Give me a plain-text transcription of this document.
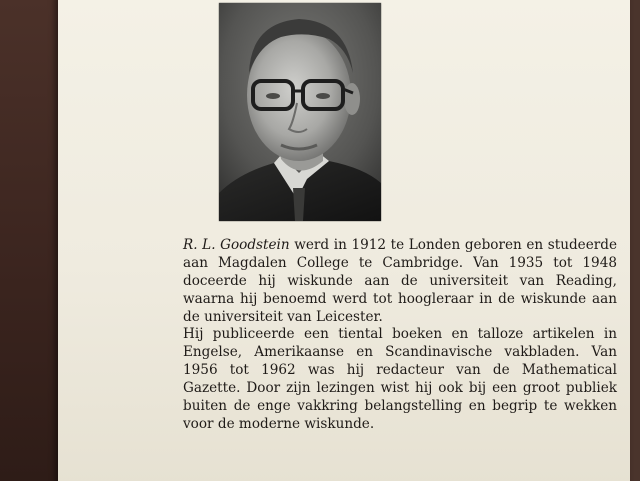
R. L. Goodstein werd in 1912 te Londen geboren en studeerde
aan Magdalen College te Cambridge. Van 1935 tot 1948
doceerde hij wiskunde aan de universiteit van Reading,
waarna hij benoemd werd tot hoogleraar in de wiskunde aan
de universiteit van Leicester.
Hij publiceerde een tiental boeken en talloze artikelen in
Engelse, Amerikaanse en Scandinavische vakbladen. Van
1956 tot 1962 was hij redacteur van de Mathematical
Gazette. Door zijn lezingen wist hij ook bij een groot publiek
buiten de enge vakkring belangstelling en begrip te wekken
voor de moderne wiskunde.
